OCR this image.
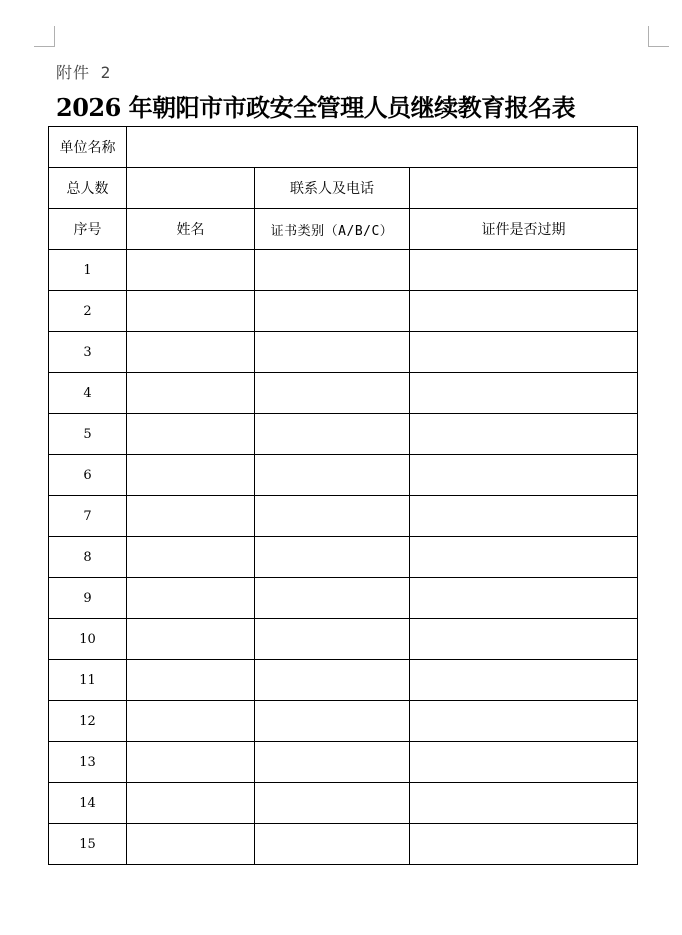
附件 2
2026 年朝阳市市政安全管理人员继续教育报名表
单位名称			
总人数		联系人及电话	
序号	姓名	证书类别（A/B/C）	证件是否过期
1			
2			
3			
4			
5			
6			
7			
8			
9			
10			
11			
12			
13			
14			
15			
